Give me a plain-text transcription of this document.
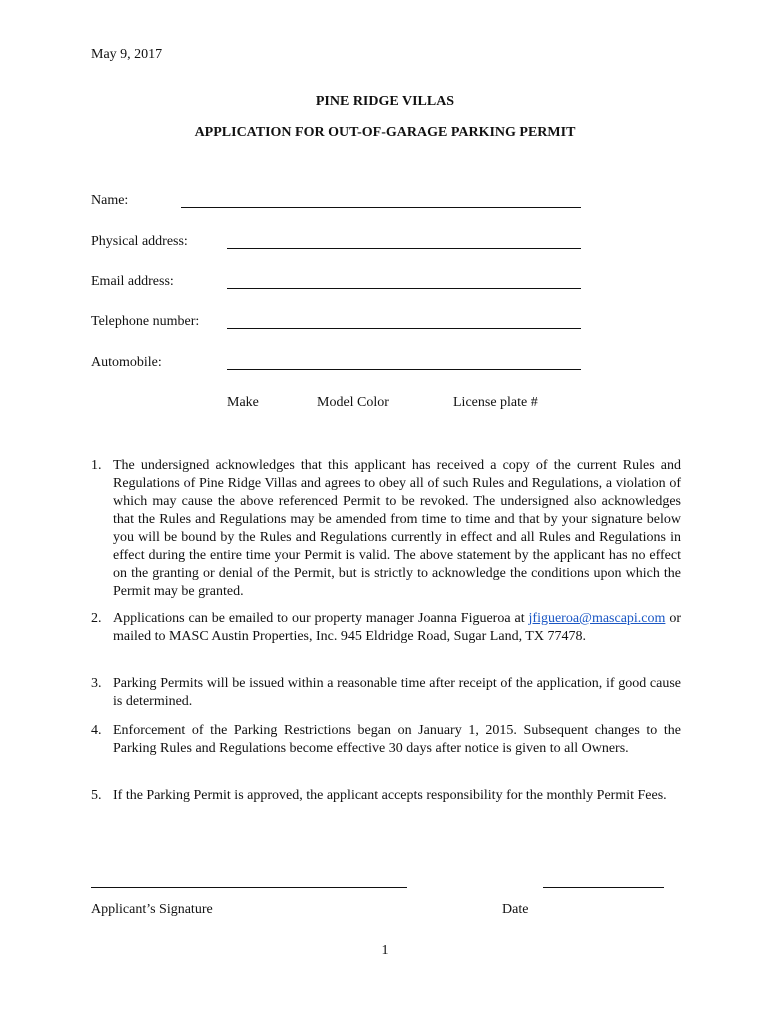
May 9, 2017
PINE RIDGE VILLAS
APPLICATION FOR OUT-OF-GARAGE PARKING PERMIT
Name:
Physical address:
Email address:
Telephone number:
Automobile:
Make	Model Color	License plate #
1. The undersigned acknowledges that this applicant has received a copy of the current Rules and Regulations of Pine Ridge Villas and agrees to obey all of such Rules and Regulations, a violation of which may cause the above referenced Permit to be revoked. The undersigned also acknowledges that the Rules and Regulations may be amended from time to time and that by your signature below you will be bound by the Rules and Regulations currently in effect and all Rules and Regulations in effect during the entire time your Permit is valid. The above statement by the applicant has no effect on the granting or denial of the Permit, but is strictly to acknowledge the conditions upon which the Permit may be granted.
2. Applications can be emailed to our property manager Joanna Figueroa at jfigueroa@mascapi.com or mailed to MASC Austin Properties, Inc. 945 Eldridge Road, Sugar Land, TX 77478.
3. Parking Permits will be issued within a reasonable time after receipt of the application, if good cause is determined.
4. Enforcement of the Parking Restrictions began on January 1, 2015. Subsequent changes to the Parking Rules and Regulations become effective 30 days after notice is given to all Owners.
5. If the Parking Permit is approved, the applicant accepts responsibility for the monthly Permit Fees.
Applicant’s Signature	Date
1
